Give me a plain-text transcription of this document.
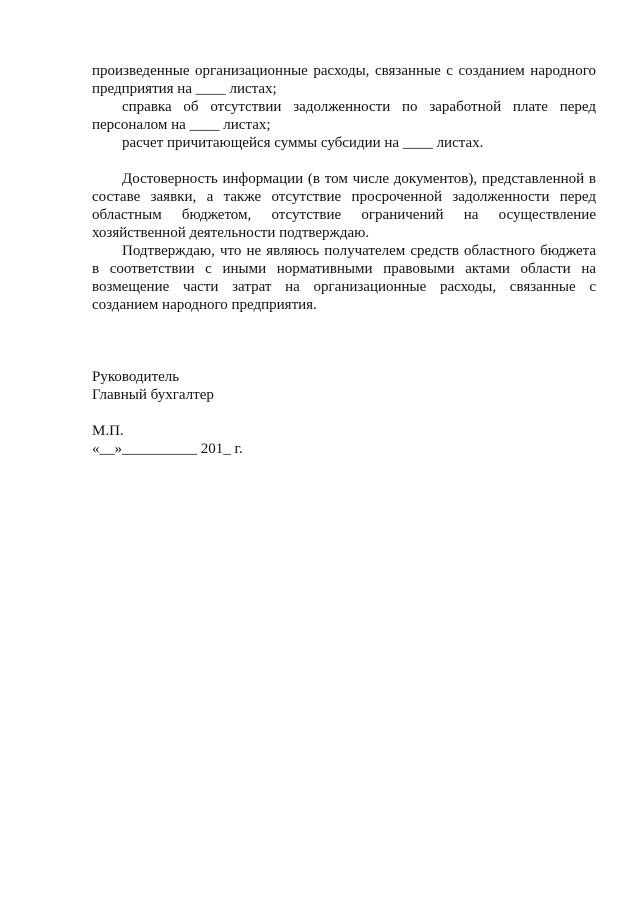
произведенные организационные расходы, связанные с созданием народного предприятия на ____ листах;

справка об отсутствии задолженности по заработной плате перед персоналом на ____ листах;

расчет причитающейся суммы субсидии на ____ листах.

Достоверность информации (в том числе документов), представленной в составе заявки, а также отсутствие просроченной задолженности перед областным бюджетом, отсутствие ограничений на осуществление хозяйственной деятельности подтверждаю.

Подтверждаю, что не являюсь получателем средств областного бюджета в соответствии с иными нормативными правовыми актами области на возмещение части затрат на организационные расходы, связанные с созданием народного предприятия.

Руководитель

Главный бухгалтер

М.П.

«__»__________ 201_ г.
